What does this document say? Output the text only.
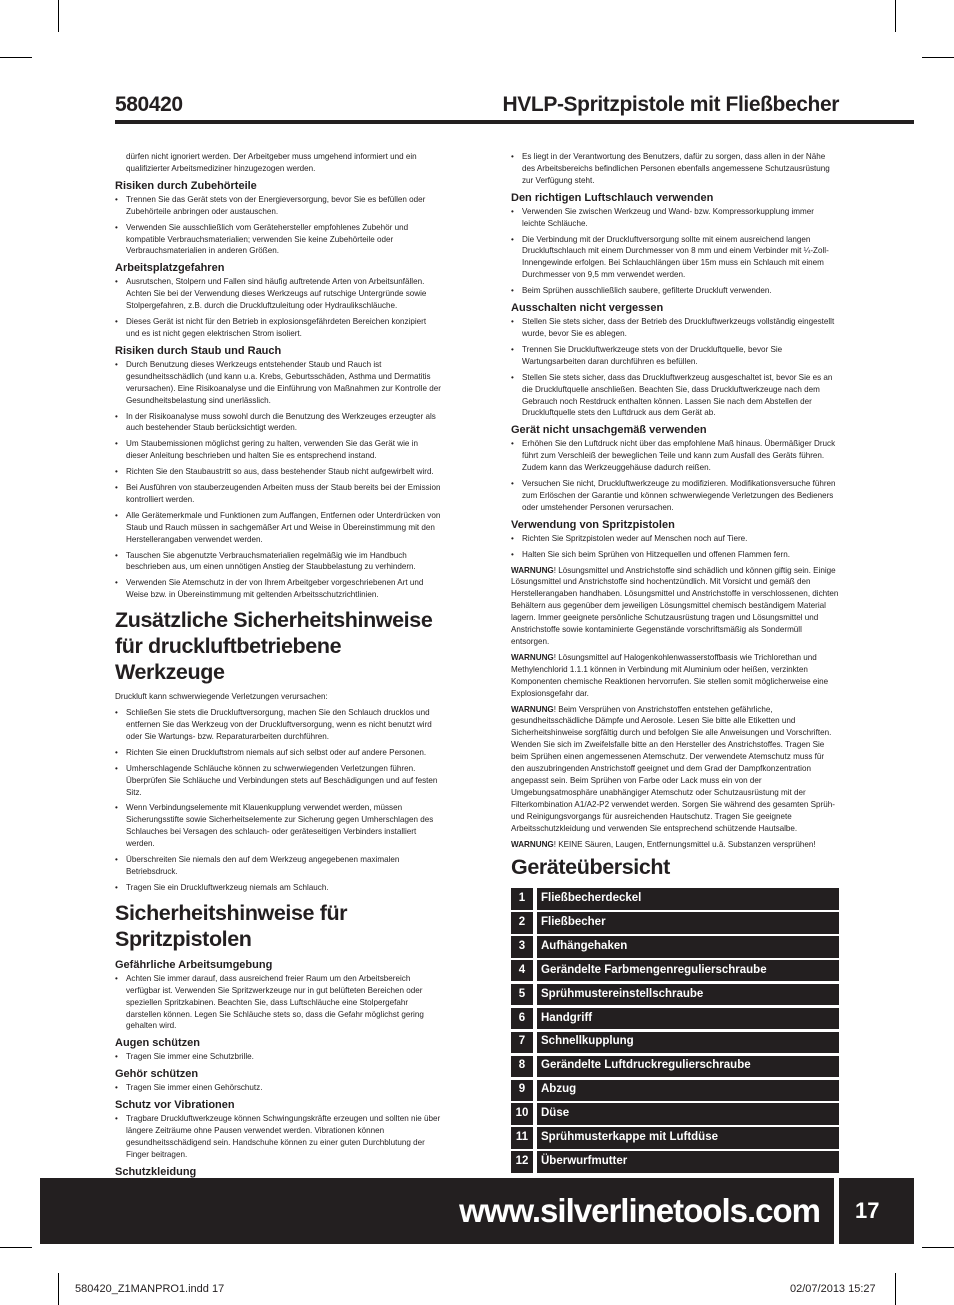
580420	HVLP-Spritzpistole mit Fließbecher

dürfen nicht ignoriert werden. Der Arbeitgeber muss umgehend informiert und ein qualifizierter Arbeitsmediziner hinzugezogen werden.

Risiken durch Zubehörteile
• Trennen Sie das Gerät stets von der Energieversorgung, bevor Sie es befüllen oder Zubehörteile anbringen oder austauschen.
• Verwenden Sie ausschließlich vom Gerätehersteller empfohlenes Zubehör und kompatible Verbrauchsmaterialien; verwenden Sie keine Zubehörteile oder Verbrauchsmaterialien in anderen Größen.
Arbeitsplatzgefahren
• Ausrutschen, Stolpern und Fallen sind häufig auftretende Arten von Arbeitsunfällen. Achten Sie bei der Verwendung dieses Werkzeugs auf rutschige Untergründe sowie Stolpergefahren, z.B. durch die Druckluftzuleitung oder Hydraulikschläuche.
• Dieses Gerät ist nicht für den Betrieb in explosionsgefährdeten Bereichen konzipiert und es ist nicht gegen elektrischen Strom isoliert.
Risiken durch Staub und Rauch
• Durch Benutzung dieses Werkzeugs entstehender Staub und Rauch ist gesundheitsschädlich (und kann u.a. Krebs, Geburtsschäden, Asthma und Dermatitis verursachen). Eine Risikoanalyse und die Einführung von Maßnahmen zur Kontrolle der Gesundheitsbelastung sind unerlässlich.
• In der Risikoanalyse muss sowohl durch die Benutzung des Werkzeuges erzeugter als auch bestehender Staub berücksichtigt werden.
• Um Staubemissionen möglichst gering zu halten, verwenden Sie das Gerät wie in dieser Anleitung beschrieben und halten Sie es entsprechend instand.
• Richten Sie den Staubaustritt so aus, dass bestehender Staub nicht aufgewirbelt wird.
• Bei Ausführen von stauberzeugenden Arbeiten muss der Staub bereits bei der Emission kontrolliert werden.
• Alle Gerätemerkmale und Funktionen zum Auffangen, Entfernen oder Unterdrücken von Staub und Rauch müssen in sachgemäßer Art und Weise in Übereinstimmung mit den Herstellerangaben verwendet werden.
• Tauschen Sie abgenutzte Verbrauchsmaterialien regelmäßig wie im Handbuch beschrieben aus, um einen unnötigen Anstieg der Staubbelastung zu verhindern.
• Verwenden Sie Atemschutz in der von Ihrem Arbeitgeber vorgeschriebenen Art und Weise bzw. in Übereinstimmung mit geltenden Arbeitsschutzrichtlinien.
Zusätzliche Sicherheitshinweise für druckluftbetriebene Werkzeuge

Druckluft kann schwerwiegende Verletzungen verursachen:

• Schließen Sie stets die Druckluftversorgung, machen Sie den Schlauch drucklos und entfernen Sie das Werkzeug von der Druckluftversorgung, wenn es nicht benutzt wird oder Sie Wartungs- bzw. Reparaturarbeiten durchführen.
• Richten Sie einen Druckluftstrom niemals auf sich selbst oder auf andere Personen.
• Umherschlagende Schläuche können zu schwerwiegenden Verletzungen führen. Überprüfen Sie Schläuche und Verbindungen stets auf Beschädigungen und auf festen Sitz.
• Wenn Verbindungselemente mit Klauenkupplung verwendet werden, müssen Sicherungsstifte sowie Sicherheitselemente zur Sicherung gegen Umherschlagen des Schlauches bei Versagen des schlauch- oder geräteseitigen Verbinders installiert werden.
• Überschreiten Sie niemals den auf dem Werkzeug angegebenen maximalen Betriebsdruck.
• Tragen Sie ein Druckluftwerkzeug niemals am Schlauch.
Sicherheitshinweise für Spritzpistolen
Gefährliche Arbeitsumgebung
• Achten Sie immer darauf, dass ausreichend freier Raum um den Arbeitsbereich verfügbar ist. Verwenden Sie Spritzwerkzeuge nur in gut belüfteten Bereichen oder speziellen Spritzkabinen. Beachten Sie, dass Luftschläuche eine Stolpergefahr darstellen können. Legen Sie Schläuche stets so, dass die Gefahr möglichst gering gehalten wird.
Augen schützen
• Tragen Sie immer eine Schutzbrille.
Gehör schützen
• Tragen Sie immer einen Gehörschutz.
Schutz vor Vibrationen
• Tragbare Druckluftwerkzeuge können Schwingungskräfte erzeugen und sollten nie über längere Zeiträume ohne Pausen verwendet werden. Vibrationen können gesundheitsschädigend sein. Handschuhe können zu einer guten Durchblutung der Finger beitragen.
Schutzkleidung
•
• Es liegt in der Verantwortung des Benutzers, dafür zu sorgen, dass allen in der Nähe des Arbeitsbereichs befindlichen Personen ebenfalls angemessene Schutzausrüstung zur Verfügung steht.
Den richtigen Luftschlauch verwenden
• Verwenden Sie zwischen Werkzeug und Wand- bzw. Kompressorkupplung immer leichte Schläuche.
• Die Verbindung mit der Druckluftversorgung sollte mit einem ausreichend langen Druckluftschlauch mit einem Durchmesser von 8 mm und einem Verbinder mit ¼-Zoll-Innengewinde erfolgen. Bei Schlauchlängen über 15m muss ein Schlauch mit einem Durchmesser von 9,5 mm verwendet werden.
• Beim Sprühen ausschließlich saubere, gefilterte Druckluft verwenden.
Ausschalten nicht vergessen
• Stellen Sie stets sicher, dass der Betrieb des Druckluftwerkzeugs vollständig eingestellt wurde, bevor Sie es ablegen.
• Trennen Sie Druckluftwerkzeuge stets von der Druckluftquelle, bevor Sie Wartungsarbeiten daran durchführen es befüllen.
• Stellen Sie stets sicher, dass das Druckluftwerkzeug ausgeschaltet ist, bevor Sie es an die Druckluftquelle anschließen. Beachten Sie, dass Druckluftwerkzeuge nach dem Gebrauch noch Restdruck enthalten können. Lassen Sie nach dem Abstellen der Druckluftquelle stets den Luftdruck aus dem Gerät ab.
Gerät nicht unsachgemäß verwenden
• Erhöhen Sie den Luftdruck nicht über das empfohlene Maß hinaus. Übermäßiger Druck führt zum Verschleiß der beweglichen Teile und kann zum Ausfall des Geräts führen. Zudem kann das Werkzeuggehäuse dadurch reißen.
• Versuchen Sie nicht, Druckluftwerkzeuge zu modifizieren. Modifikationsversuche führen zum Erlöschen der Garantie und können schwerwiegende Verletzungen des Bedieners oder umstehender Personen verursachen.
Verwendung von Spritzpistolen
• Richten Sie Spritzpistolen weder auf Menschen noch auf Tiere.
• Halten Sie sich beim Sprühen von Hitzequellen und offenen Flammen fern.

WARNUNG! Lösungsmittel und Anstrichstoffe sind schädlich und können giftig sein. Einige Lösungsmittel und Anstrichstoffe sind hochentzündlich. Mit Vorsicht und gemäß den Herstellerangaben handhaben. Lösungsmittel und Anstrichstoffe in verschlossenen, dichten Behältern aus gegenüber dem jeweiligen Lösungsmittel chemisch beständigem Material lagern. Immer geeignete persönliche Schutzausrüstung tragen und Lösungsmittel und Anstrichstoffe sowie kontaminierte Gegenstände vorschriftsmäßig als Sondermüll entsorgen.

WARNUNG! Lösungsmittel auf Halogenkohlenwasserstoffbasis wie Trichlorethan und Methylenchlorid 1.1.1 können in Verbindung mit Aluminium oder heißen, verzinkten Komponenten chemische Reaktionen hervorrufen. Sie stellen somit möglicherweise eine Explosionsgefahr dar.

WARNUNG! Beim Versprühen von Anstrichstoffen entstehen gefährliche, gesundheitsschädliche Dämpfe und Aerosole. Lesen Sie bitte alle Etiketten und Sicherheitshinweise sorgfältig durch und befolgen Sie alle Anweisungen und Vorschriften. Wenden Sie sich im Zweifelsfalle bitte an den Hersteller des Anstrichstoffes. Tragen Sie beim Sprühen einen angemessenen Atemschutz. Der verwendete Atemschutz muss für den auszubringenden Anstrichstoff geeignet und dem Grad der Dampfkonzentration angepasst sein. Beim Sprühen von Farbe oder Lack muss ein von der Umgebungsatmosphäre unabhängiger Atemschutz oder Schutzausrüstung mit der Filterkombination A1/A2-P2 verwendet werden. Sorgen Sie während des gesamten Sprüh- und Reinigungsvorgangs für ausreichenden Hautschutz. Tragen Sie geeignete Arbeitsschutzkleidung und verwenden Sie entsprechend schützende Hautsalbe.

WARNUNG! KEINE Säuren, Laugen, Entfernungsmittel u.ä. Substanzen versprühen!

Geräteübersicht
1	Fließbecherdeckel
2	Fließbecher
3	Aufhängehaken
4	Gerändelte Farbmengenregulierschraube
5	Sprühmustereinstellschraube
6	Handgriff
7	Schnellkupplung
8	Gerändelte Luftdruckregulierschraube
9	Abzug
10	Düse
11	Sprühmusterkappe mit Luftdüse
12	Überwurfmutter
www.silverlinetools.com	17
580420_Z1MANPRO1.indd 17	02/07/2013 15:27
